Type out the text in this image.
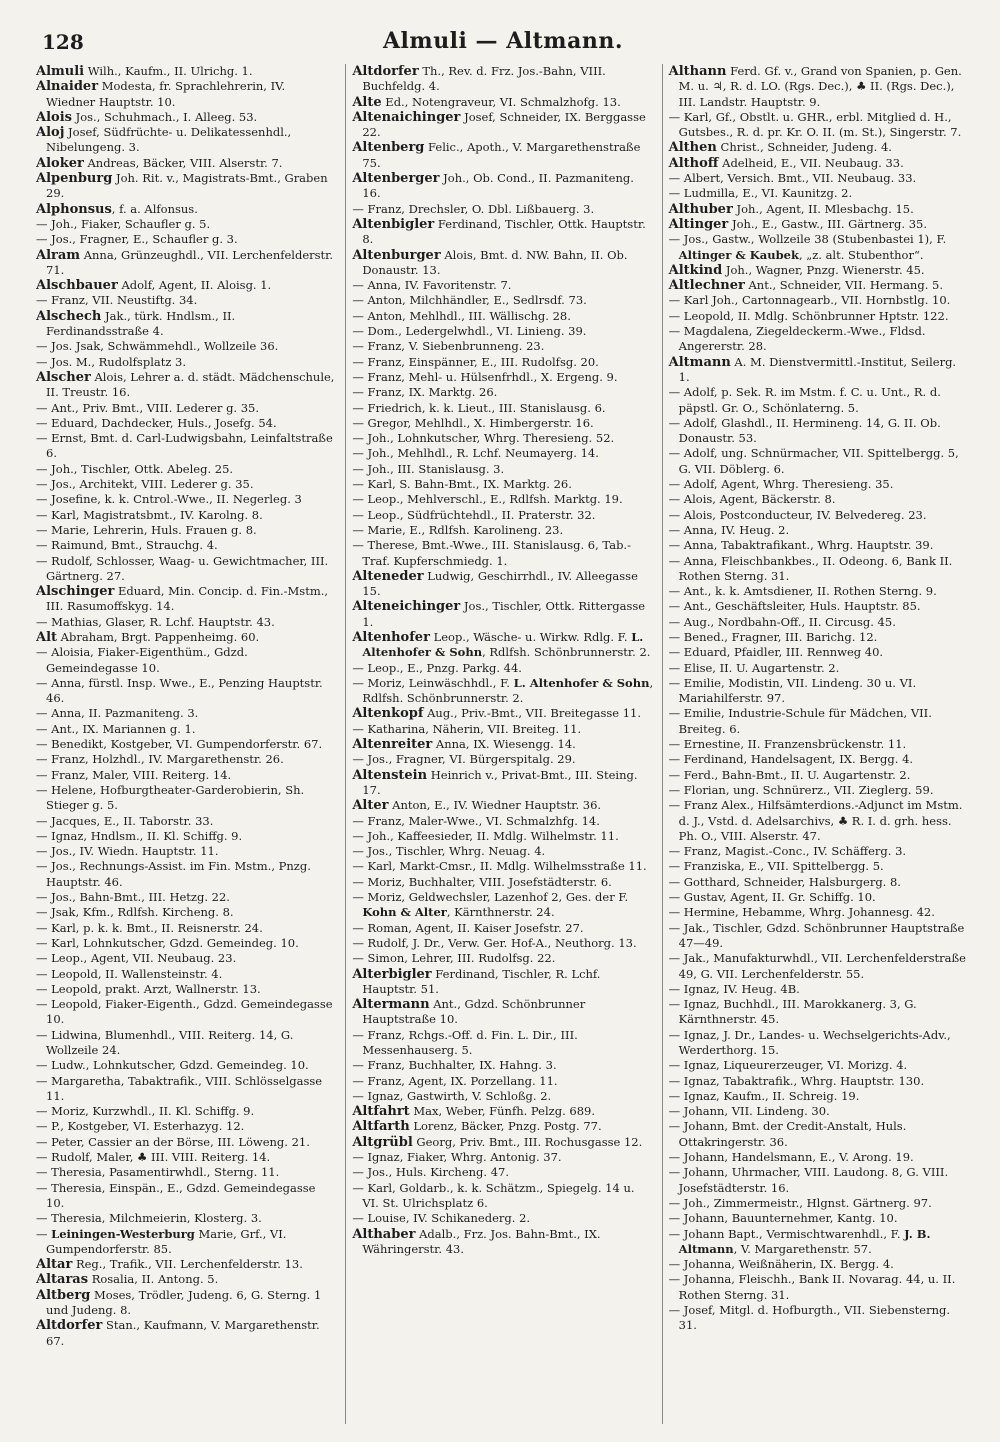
128	Almuli — Altmann.

Almuli Wilh., Kaufm., II. Ulrichg. 1.

Alnaider Modesta, fr. Sprachlehrerin, IV. Wiedner Hauptstr. 10.

Alois Jos., Schuhmach., I. Alleeg. 53.

Aloj Josef, Südfrüchte- u. Delikatessenhdl., Nibelungeng. 3.

Aloker Andreas, Bäcker, VIII. Alserstr. 7.

Alpenburg Joh. Rit. v., Magistrats-Bmt., Graben 29.

Alphonsus, f. a. Alfonsus.

— Joh., Fiaker, Schaufler g. 5.

— Jos., Fragner, E., Schaufler g. 3.

Alram Anna, Grünzeughdl., VII. Lerchenfelderstr. 71.

Alschbauer Adolf, Agent, II. Aloisg. 1.

— Franz, VII. Neustiftg. 34.

Alschech Jak., türk. Hndlsm., II. Ferdinandsstraße 4.

— Jos. Jsak, Schwämmehdl., Wollzeile 36.

— Jos. M., Rudolfsplatz 3.

Alscher Alois, Lehrer a. d. städt. Mädchenschule, II. Treustr. 16.

— Ant., Priv. Bmt., VIII. Lederer g. 35.

— Eduard, Dachdecker, Huls., Josefg. 54.

— Ernst, Bmt. d. Carl-Ludwigsbahn, Leinfaltstraße 6.

— Joh., Tischler, Ottk. Abeleg. 25.

— Jos., Architekt, VIII. Lederer g. 35.

— Josefine, k. k. Cntrol.-Wwe., II. Negerleg. 3

— Karl, Magistratsbmt., IV. Karolng. 8.

— Marie, Lehrerin, Huls. Frauen g. 8.

— Raimund, Bmt., Strauchg. 4.

— Rudolf, Schlosser, Waag- u. Gewichtmacher, III. Gärtnerg. 27.

Alschinger Eduard, Min. Concip. d. Fin.-Mstm., III. Rasumoffskyg. 14.

— Mathias, Glaser, R. Lchf. Hauptstr. 43.

Alt Abraham, Brgt. Pappenheimg. 60.

— Aloisia, Fiaker-Eigenthüm., Gdzd. Gemeindegasse 10.

— Anna, fürstl. Insp. Wwe., E., Penzing Hauptstr. 46.

— Anna, II. Pazmaniteng. 3.

— Ant., IX. Mariannen g. 1.

— Benedikt, Kostgeber, VI. Gumpendorferstr. 67.

— Franz, Holzhdl., IV. Margarethenstr. 26.

— Franz, Maler, VIII. Reiterg. 14.

— Helene, Hofburgtheater-Garderobierin, Sh. Stieger g. 5.

— Jacques, E., II. Taborstr. 33.

— Ignaz, Hndlsm., II. Kl. Schiffg. 9.

— Jos., IV. Wiedn. Hauptstr. 11.

— Jos., Rechnungs-Assist. im Fin. Mstm., Pnzg. Hauptstr. 46.

— Jos., Bahn-Bmt., III. Hetzg. 22.

— Jsak, Kfm., Rdlfsh. Kircheng. 8.

— Karl, p. k. k. Bmt., II. Reisnerstr. 24.

— Karl, Lohnkutscher, Gdzd. Gemeindeg. 10.

— Leop., Agent, VII. Neubaug. 23.

— Leopold, II. Wallensteinstr. 4.

— Leopold, prakt. Arzt, Wallnerstr. 13.

— Leopold, Fiaker-Eigenth., Gdzd. Gemeindegasse 10.

— Lidwina, Blumenhdl., VIII. Reiterg. 14, G. Wollzeile 24.

— Ludw., Lohnkutscher, Gdzd. Gemeindeg. 10.

— Margaretha, Tabaktrafik., VIII. Schlösselgasse 11.

— Moriz, Kurzwhdl., II. Kl. Schiffg. 9.

— P., Kostgeber, VI. Esterhazyg. 12.

— Peter, Cassier an der Börse, III. Löweng. 21.

— Rudolf, Maler, ♣ III. VIII. Reiterg. 14.

— Theresia, Pasamentirwhdl., Sterng. 11.

— Theresia, Einspän., E., Gdzd. Gemeindegasse 10.

— Theresia, Milchmeierin, Klosterg. 3.

— Leiningen-Westerburg Marie, Grf., VI. Gumpendorferstr. 85.

Altar Reg., Trafik., VII. Lerchenfelderstr. 13.

Altaras Rosalia, II. Antong. 5.

Altberg Moses, Trödler, Judeng. 6, G. Sterng. 1 und Judeng. 8.

Altdorfer Stan., Kaufmann, V. Margarethenstr. 67.

Altdorfer Th., Rev. d. Frz. Jos.-Bahn, VIII. Buchfeldg. 4.

Alte Ed., Notengraveur, VI. Schmalzhofg. 13.

Altenaichinger Josef, Schneider, IX. Berggasse 22.

Altenberg Felic., Apoth., V. Margarethenstraße 75.

Altenberger Joh., Ob. Cond., II. Pazmaniteng. 16.

— Franz, Drechsler, O. Dbl. Lißbauerg. 3.

Altenbigler Ferdinand, Tischler, Ottk. Hauptstr. 8.

Altenburger Alois, Bmt. d. NW. Bahn, II. Ob. Donaustr. 13.

— Anna, IV. Favoritenstr. 7.

— Anton, Milchhändler, E., Sedlrsdf. 73.

— Anton, Mehlhdl., III. Wällischg. 28.

— Dom., Ledergelwhdl., VI. Linieng. 39.

— Franz, V. Siebenbrunneng. 23.

— Franz, Einspänner, E., III. Rudolfsg. 20.

— Franz, Mehl- u. Hülsenfrhdl., X. Ergeng. 9.

— Franz, IX. Marktg. 26.

— Friedrich, k. k. Lieut., III. Stanislausg. 6.

— Gregor, Mehlhdl., X. Himbergerstr. 16.

— Joh., Lohnkutscher, Whrg. Theresieng. 52.

— Joh., Mehlhdl., R. Lchf. Neumayerg. 14.

— Joh., III. Stanislausg. 3.

— Karl, S. Bahn-Bmt., IX. Marktg. 26.

— Leop., Mehlverschl., E., Rdlfsh. Marktg. 19.

— Leop., Südfrüchtehdl., II. Praterstr. 32.

— Marie, E., Rdlfsh. Karolineng. 23.

— Therese, Bmt.-Wwe., III. Stanislausg. 6, Tab.-Traf. Kupferschmiedg. 1.

Alteneder Ludwig, Geschirrhdl., IV. Alleegasse 15.

Alteneichinger Jos., Tischler, Ottk. Rittergasse 1.

Altenhofer Leop., Wäsche- u. Wirkw. Rdlg. F. L. Altenhofer & Sohn, Rdlfsh. Schönbrunnerstr. 2.

— Leop., E., Pnzg. Parkg. 44.

— Moriz, Leinwäschhdl., F. L. Altenhofer & Sohn, Rdlfsh. Schönbrunnerstr. 2.

Altenkopf Aug., Priv.-Bmt., VII. Breitegasse 11.

— Katharina, Näherin, VII. Breiteg. 11.

Altenreiter Anna, IX. Wiesengg. 14.

— Jos., Fragner, VI. Bürgerspitalg. 29.

Altenstein Heinrich v., Privat-Bmt., III. Steing. 17.

Alter Anton, E., IV. Wiedner Hauptstr. 36.

— Franz, Maler-Wwe., VI. Schmalzhfg. 14.

— Joh., Kaffeesieder, II. Mdlg. Wilhelmstr. 11.

— Jos., Tischler, Whrg. Neuag. 4.

— Karl, Markt-Cmsr., II. Mdlg. Wilhelmsstraße 11.

— Moriz, Buchhalter, VIII. Josefstädterstr. 6.

— Moriz, Geldwechsler, Lazenhof 2, Ges. der F. Kohn & Alter, Kärnthnerstr. 24.

— Roman, Agent, II. Kaiser Josefstr. 27.

— Rudolf, J. Dr., Verw. Ger. Hof-A., Neuthorg. 13.

— Simon, Lehrer, III. Rudolfsg. 22.

Alterbigler Ferdinand, Tischler, R. Lchf. Hauptstr. 51.

Altermann Ant., Gdzd. Schönbrunner Hauptstraße 10.

— Franz, Rchgs.-Off. d. Fin. L. Dir., III. Messenhauserg. 5.

— Franz, Buchhalter, IX. Hahng. 3.

— Franz, Agent, IX. Porzellang. 11.

— Ignaz, Gastwirth, V. Schloßg. 2.

Altfahrt Max, Weber, Fünfh. Pelzg. 689.

Altfarth Lorenz, Bäcker, Pnzg. Postg. 77.

Altgrübl Georg, Priv. Bmt., III. Rochusgasse 12.

— Ignaz, Fiaker, Whrg. Antonig. 37.

— Jos., Huls. Kircheng. 47.

— Karl, Goldarb., k. k. Schätzm., Spiegelg. 14 u. VI. St. Ulrichsplatz 6.

— Louise, IV. Schikanederg. 2.

Althaber Adalb., Frz. Jos. Bahn-Bmt., IX. Währingerstr. 43.

Althann Ferd. Gf. v., Grand von Spanien, p. Gen. M. u. ♃, R. d. LO. (Rgs. Dec.), ♣ II. (Rgs. Dec.), III. Landstr. Hauptstr. 9.

— Karl, Gf., Obstlt. u. GHR., erbl. Mitglied d. H., Gutsbes., R. d. pr. Kr. O. II. (m. St.), Singerstr. 7.

Althen Christ., Schneider, Judeng. 4.

Althoff Adelheid, E., VII. Neubaug. 33.

— Albert, Versich. Bmt., VII. Neubaug. 33.

— Ludmilla, E., VI. Kaunitzg. 2.

Althuber Joh., Agent, II. Mlesbachg. 15.

Altinger Joh., E., Gastw., III. Gärtnerg. 35.

— Jos., Gastw., Wollzeile 38 (Stubenbastei 1), F. Altinger & Kaubek, „z. alt. Stubenthor“.

Altkind Joh., Wagner, Pnzg. Wienerstr. 45.

Altlechner Ant., Schneider, VII. Hermang. 5.

— Karl Joh., Cartonnagearb., VII. Hornbstlg. 10.

— Leopold, II. Mdlg. Schönbrunner Hptstr. 122.

— Magdalena, Ziegeldeckerm.-Wwe., Fldsd. Angererstr. 28.

Altmann A. M. Dienstvermittl.-Institut, Seilerg. 1.

— Adolf, p. Sek. R. im Mstm. f. C. u. Unt., R. d. päpstl. Gr. O., Schönlaterng. 5.

— Adolf, Glashdl., II. Hermineng. 14, G. II. Ob. Donaustr. 53.

— Adolf, ung. Schnürmacher, VII. Spittelbergg. 5, G. VII. Döblerg. 6.

— Adolf, Agent, Whrg. Theresieng. 35.

— Alois, Agent, Bäckerstr. 8.

— Alois, Postconducteur, IV. Belvedereg. 23.

— Anna, IV. Heug. 2.

— Anna, Tabaktrafikant., Whrg. Hauptstr. 39.

— Anna, Fleischbankbes., II. Odeong. 6, Bank II. Rothen Sterng. 31.

— Ant., k. k. Amtsdiener, II. Rothen Sterng. 9.

— Ant., Geschäftsleiter, Huls. Hauptstr. 85.

— Aug., Nordbahn-Off., II. Circusg. 45.

— Bened., Fragner, III. Barichg. 12.

— Eduard, Pfaidler, III. Rennweg 40.

— Elise, II. U. Augartenstr. 2.

— Emilie, Modistin, VII. Lindeng. 30 u. VI. Mariahilferstr. 97.

— Emilie, Industrie-Schule für Mädchen, VII. Breiteg. 6.

— Ernestine, II. Franzensbrückenstr. 11.

— Ferdinand, Handelsagent, IX. Bergg. 4.

— Ferd., Bahn-Bmt., II. U. Augartenstr. 2.

— Florian, ung. Schnürerz., VII. Zieglerg. 59.

— Franz Alex., Hilfsämterdions.-Adjunct im Mstm. d. J., Vstd. d. Adelsarchivs, ♣ R. I. d. grh. hess. Ph. O., VIII. Alserstr. 47.

— Franz, Magist.-Conc., IV. Schäfferg. 3.

— Franziska, E., VII. Spittelbergg. 5.

— Gotthard, Schneider, Halsburgerg. 8.

— Gustav, Agent, II. Gr. Schiffg. 10.

— Hermine, Hebamme, Whrg. Johannesg. 42.

— Jak., Tischler, Gdzd. Schönbrunner Hauptstraße 47—49.

— Jak., Manufakturwhdl., VII. Lerchenfelderstraße 49, G. VII. Lerchenfelderstr. 55.

— Ignaz, IV. Heug. 4B.

— Ignaz, Buchhdl., III. Marokkanerg. 3, G. Kärnthnerstr. 45.

— Ignaz, J. Dr., Landes- u. Wechselgerichts-Adv., Werderthorg. 15.

— Ignaz, Liqueurerzeuger, VI. Morizg. 4.

— Ignaz, Tabaktrafik., Whrg. Hauptstr. 130.

— Ignaz, Kaufm., II. Schreig. 19.

— Johann, VII. Lindeng. 30.

— Johann, Bmt. der Credit-Anstalt, Huls. Ottakringerstr. 36.

— Johann, Handelsmann, E., V. Arong. 19.

— Johann, Uhrmacher, VIII. Laudong. 8, G. VIII. Josefstädterstr. 16.

— Joh., Zimmermeistr., Hlgnst. Gärtnerg. 97.

— Johann, Bauunternehmer, Kantg. 10.

— Johann Bapt., Vermischtwarenhdl., F. J. B. Altmann, V. Margarethenstr. 57.

— Johanna, Weißnäherin, IX. Bergg. 4.

— Johanna, Fleischh., Bank II. Novarag. 44, u. II. Rothen Sterng. 31.

— Josef, Mitgl. d. Hofburgth., VII. Siebensterng. 31.
